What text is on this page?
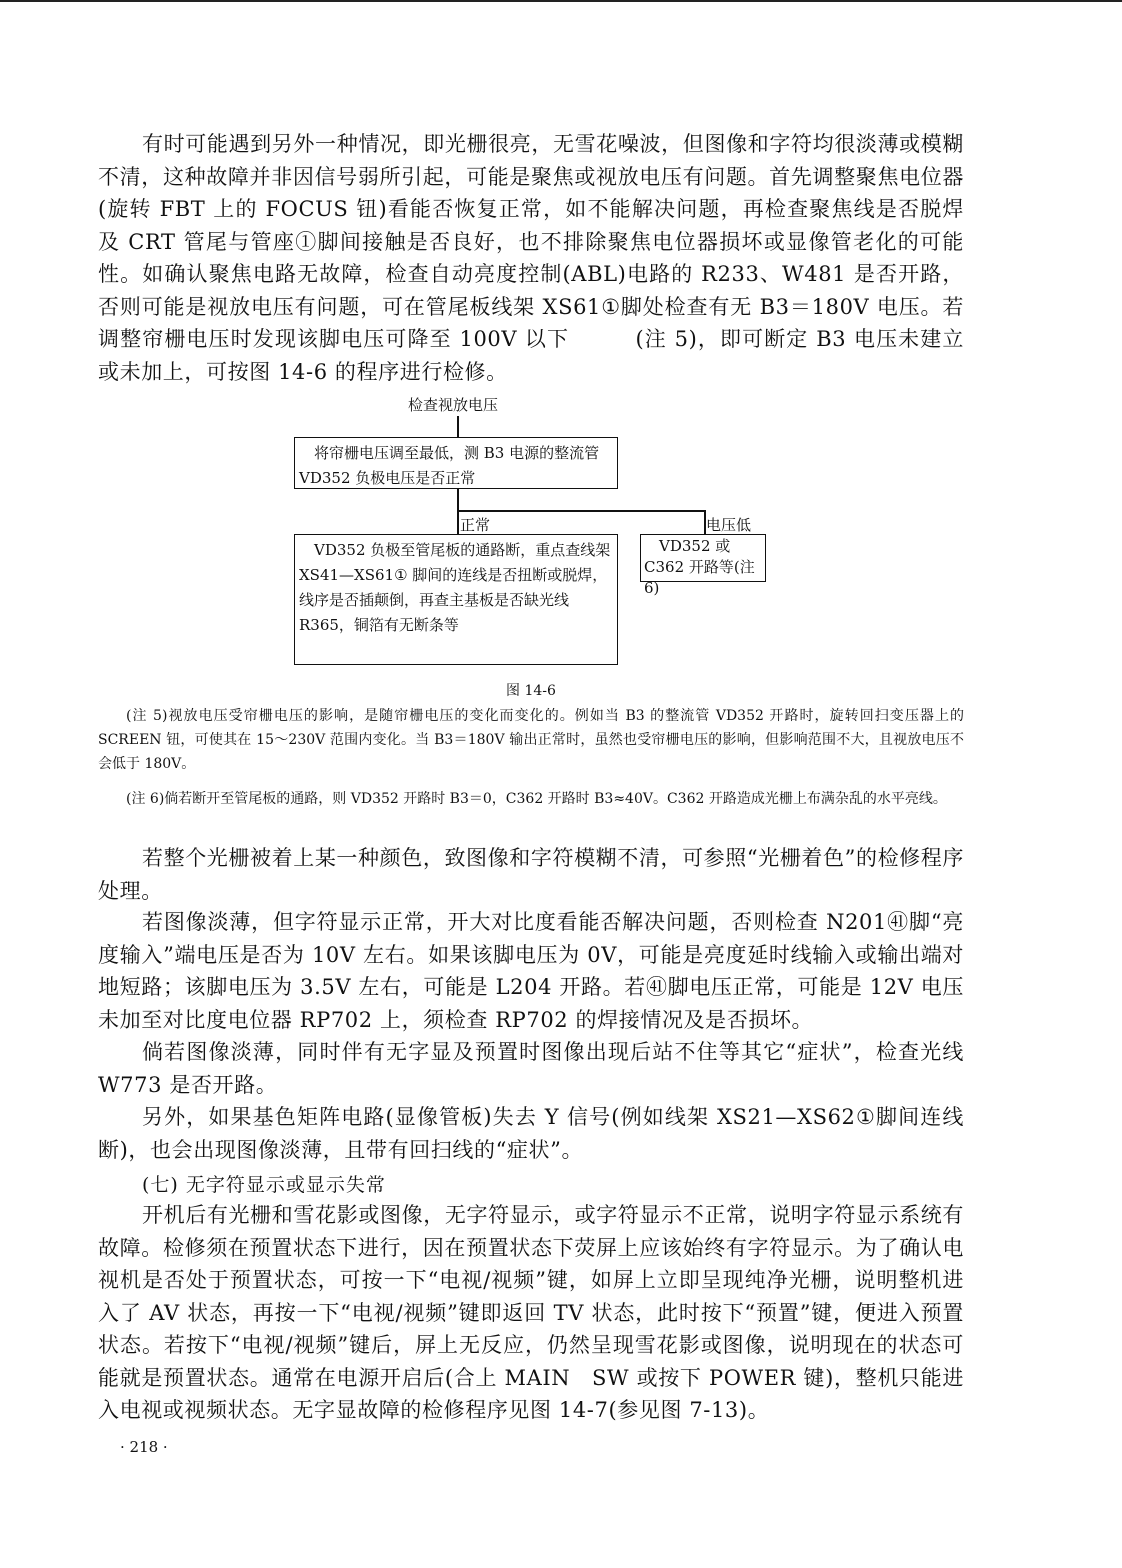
有时可能遇到另外一种情况，即光栅很亮，无雪花噪波，但图像和字符均很淡薄或模糊不清，这种故障并非因信号弱所引起，可能是聚焦或视放电压有问题。首先调整聚焦电位器(旋转 FBT 上的 FOCUS 钮)看能否恢复正常，如不能解决问题，再检查聚焦线是否脱焊及 CRT 管尾与管座①脚间接触是否良好，也不排除聚焦电位器损坏或显像管老化的可能性。如确认聚焦电路无故障，检查自动亮度控制(ABL)电路的 R233、W481 是否开路，否则可能是视放电压有问题，可在管尾板线架 XS61①脚处检查有无 B3＝180V 电压。若调整帘栅电压时发现该脚电压可降至 100V 以下　　　(注 5)，即可断定 B3 电压未建立或未加上，可按图 14-6 的程序进行检修。

检查视放电压
　将帘栅电压调至最低，测 B3 电源的整流管 VD352 负极电压是否正常
正常	电压低
　VD352 负极至管尾板的通路断，重点查线架 XS41—XS61① 脚间的连线是否扭断或脱焊，线序是否插颠倒，再查主基板是否缺光线 R365，铜箔有无断条等
　VD352 或 C362 开路等(注 6)
图 14-6

(注 5)视放电压受帘栅电压的影响，是随帘栅电压的变化而变化的。例如当 B3 的整流管 VD352 开路时，旋转回扫变压器上的 SCREEN 钮，可使其在 15～230V 范围内变化。当 B3＝180V 输出正常时，虽然也受帘栅电压的影响，但影响范围不大，且视放电压不会低于 180V。

(注 6)倘若断开至管尾板的通路，则 VD352 开路时 B3＝0，C362 开路时 B3≈40V。C362 开路造成光栅上布满杂乱的水平亮线。

若整个光栅被着上某一种颜色，致图像和字符模糊不清，可参照“光栅着色”的检修程序处理。

若图像淡薄，但字符显示正常，开大对比度看能否解决问题，否则检查 N201㊶脚“亮度输入”端电压是否为 10V 左右。如果该脚电压为 0V，可能是亮度延时线输入或输出端对地短路；该脚电压为 3.5V 左右，可能是 L204 开路。若㊶脚电压正常，可能是 12V 电压未加至对比度电位器 RP702 上，须检查 RP702 的焊接情况及是否损坏。

倘若图像淡薄，同时伴有无字显及预置时图像出现后站不住等其它“症状”，检查光线 W773 是否开路。

另外，如果基色矩阵电路(显像管板)失去 Y 信号(例如线架 XS21—XS62①脚间连线断)，也会出现图像淡薄，且带有回扫线的“症状”。

(七) 无字符显示或显示失常

开机后有光栅和雪花影或图像，无字符显示，或字符显示不正常，说明字符显示系统有故障。检修须在预置状态下进行，因在预置状态下荧屏上应该始终有字符显示。为了确认电视机是否处于预置状态，可按一下“电视/视频”键，如屏上立即呈现纯净光栅，说明整机进入了 AV 状态，再按一下“电视/视频”键即返回 TV 状态，此时按下“预置”键，便进入预置状态。若按下“电视/视频”键后，屏上无反应，仍然呈现雪花影或图像，说明现在的状态可能就是预置状态。通常在电源开启后(合上 MAIN　SW 或按下 POWER 键)，整机只能进入电视或视频状态。无字显故障的检修程序见图 14-7(参见图 7-13)。

· 218 ·
